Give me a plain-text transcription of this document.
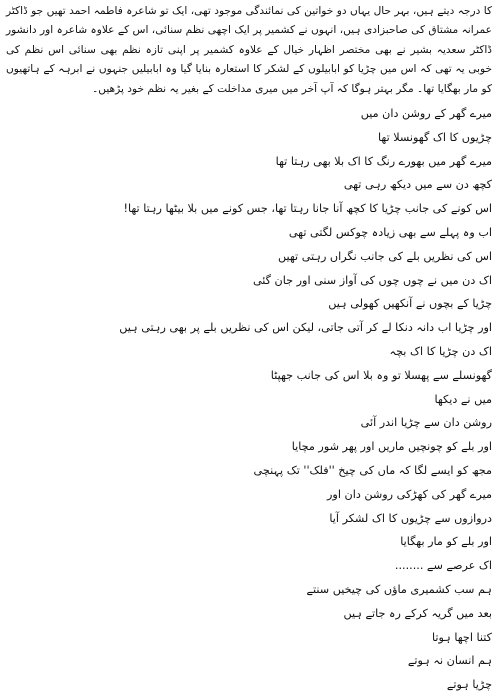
کا درجہ دیتے ہیں، بہر حال یہاں دو خواتین کی نمائندگی موجود تھی، ایک تو شاعرہ فاطمہ احمد تھیں جو ڈاکٹر عمرانہ مشتاق کی صاحبزادی ہیں، انہوں نے کشمیر پر ایک اچھی نظم سنائی، اس کے علاوہ شاعرہ اور دانشور ڈاکٹر سعدیہ بشیر نے بھی مختصر اظہار خیال کے علاوہ کشمیر پر اپنی تازہ نظم بھی سنائی اس نظم کی خوبی یہ تھی کہ اس میں چڑیا کو ابابیلوں کے لشکر کا استعارہ بنایا گیا وہ ابابیلیں جنہوں نے ابرہہ کے ہاتھیوں کو مار بھگایا تھا۔ مگر بہتر ہوگا کہ آپ آخر میں میری مداخلت کے بغیر یہ نظم خود پڑھیں۔
میرے گھر کے روشن دان میں
چڑیوں کا اک گھونسلا تھا
میرے گھر میں بھورے رنگ کا اک بلا بھی رہتا تھا
کچھ دن سے میں دیکھ رہی تھی
اس کونے کی جانب چڑیا کا کچھ آنا جانا رہتا تھا، جس کونے میں بلا بیٹھا رہتا تھا!
اب وہ پہلے سے بھی زیادہ چوکس لگتی تھی
اس کی نظریں بلے کی جانب نگراں رہتی تھیں
اک دن میں نے چوں چوں کی آواز سنی اور جان گئی
چڑیا کے بچوں نے آنکھیں کھولی ہیں
اور چڑیا اب دانہ دنکا لے کر آتی جاتی، لیکن اس کی نظریں بلے پر بھی رہتی ہیں
اک دن چڑیا کا اک بچہ
گھونسلے سے پھسلا تو وہ بلا اس کی جانب جھپٹا
میں نے دیکھا
روشن دان سے چڑیا اندر آئی
اور بلے کو چونچیں ماریں اور پھر شور مچایا
مجھ کو ایسے لگا کہ ماں کی چیخ ''فلک'' تک پہنچی
میرے گھر کی کھڑکی روشن دان اور
دروازوں سے چڑیوں کا اک لشکر آیا
اور بلے کو مار بھگایا
اک عرصے سے ........
ہم سب کشمیری ماؤں کی چیخیں سنتے
بعد میں گریہ کرکے رہ جاتے ہیں
کتنا اچھا ہوتا
ہم انسان نہ ہوتے
چڑیا ہوتے
